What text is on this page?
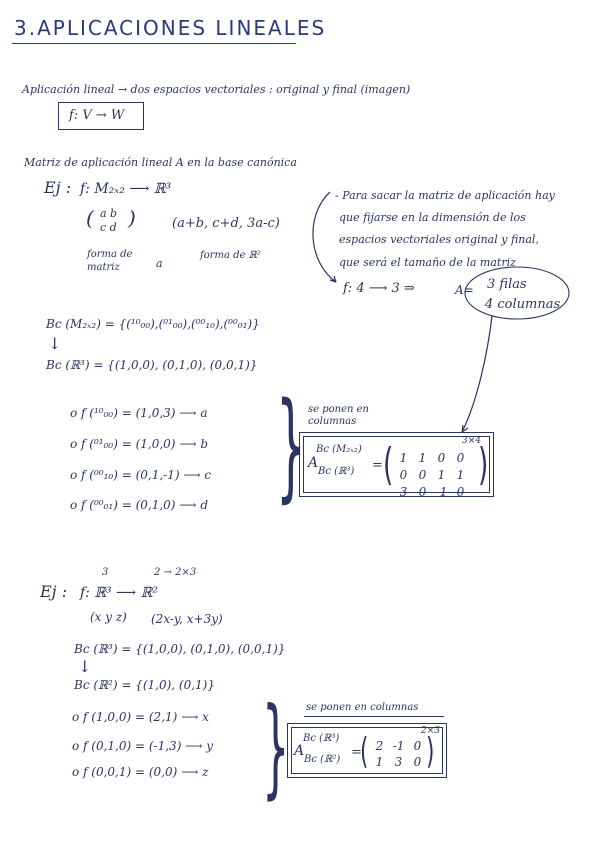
3.APLICACIONES LINEALES
Aplicación lineal → dos espacios vectoriales : original y final (imagen)
f: V → W
Matriz de aplicación lineal A en la base canónica
Ej : f: M₂ₓ₂ ⟶ ℝ³
( a b
c d )	(a+b, c+d, 3a-c)
forma de matriz	a
forma de ℝ²
- Para sacar la matriz de aplicación hay
que fijarse en la dimensión de los
espacios vectoriales original y final,
que será el tamaño de la matriz
f: 4 ⟶ 3 ⇒	A= 3 filas
4 columnas
Bc (M₂ₓ₂) = {(¹⁰₀₀),(⁰¹₀₀),(⁰⁰₁₀),(⁰⁰₀₁)}
↓
Bc (ℝ³) = {(1,0,0), (0,1,0), (0,0,1)}
o f (¹⁰₀₀) = (1,0,3) ⟶ a
o f (⁰¹₀₀) = (1,0,0) ⟶ b
o f (⁰⁰₁₀) = (0,1,-1) ⟶ c
o f (⁰⁰₀₁) = (0,1,0) ⟶ d } se ponen en columnas
3×4
Bc (M₂ₓ₂)
A
Bc (ℝ³) = ( 1 1 0 0
0 0 1 1
3 0 -1 0
)
3	2 → 2×3
Ej : f: ℝ³ ⟶ ℝ²
(x y z) (2x-y, x+3y)
Bc (ℝ³) = {(1,0,0), (0,1,0), (0,0,1)}
↓
Bc (ℝ²) = {(1,0), (0,1)}
o f (1,0,0) = (2,1) ⟶ x
o f (0,1,0) = (-1,3) ⟶ y
o f (0,0,1) = (0,0) ⟶ z } se ponen en columnas
2×3
Bc (ℝ³)
A
Bc (ℝ²) =
( 2 -1 0
1 3 0 )
